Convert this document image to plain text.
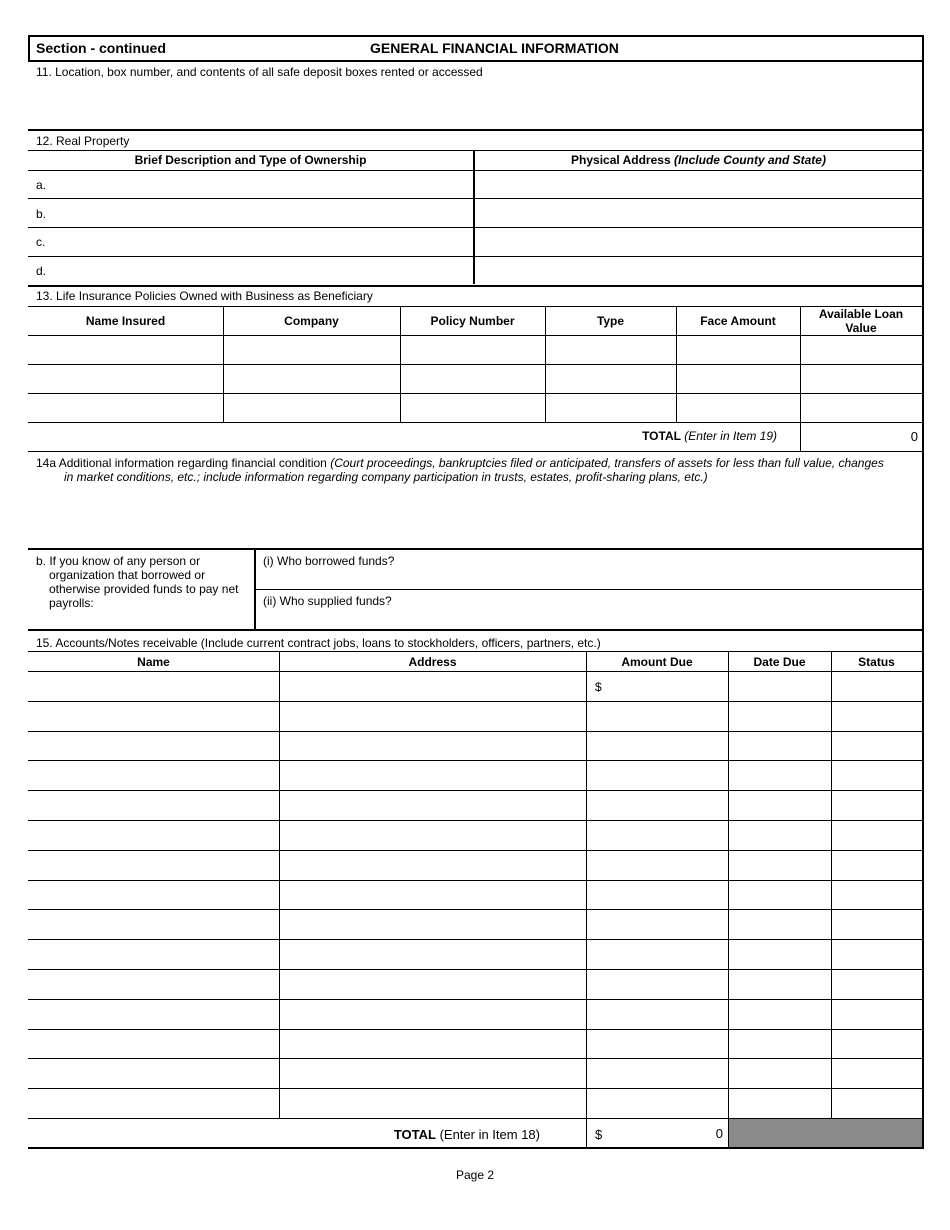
Section - continued	GENERAL FINANCIAL INFORMATION
11. Location, box number, and contents of all safe deposit boxes rented or accessed
12. Real Property
Brief Description and Type of Ownership	Physical Address (Include County and State)
a.
b.
c.
d.
13. Life Insurance Policies Owned with Business as Beneficiary
Name Insured	Company	Policy Number	Type	Face Amount	Available Loan
Value
TOTAL (Enter in Item 19)	0
14a Additional information regarding financial condition (Court proceedings, bankruptcies filed or anticipated, transfers of assets for less than full value, changes
in market conditions, etc.; include information regarding company participation in trusts, estates, profit-sharing plans, etc.)
b. If you know of any person or
organization that borrowed or
otherwise provided funds to pay net
payrolls:
(i) Who borrowed funds?
(ii) Who supplied funds?
15. Accounts/Notes receivable (Include current contract jobs, loans to stockholders, officers, partners, etc.)
Name	Address	Amount Due	Date Due	Status
$
TOTAL (Enter in Item 18)	$	0
Page 2
